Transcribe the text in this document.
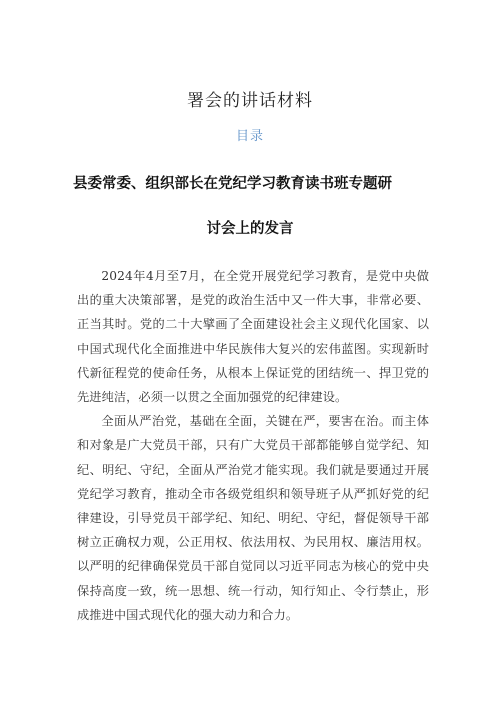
署会的讲话材料
目录
县委常委、组织部长在党纪学习教育读书班专题研
讨会上的发言

2024年4月至7月，在全党开展党纪学习教育，是党中央做出的重大决策部署，是党的政治生活中又一件大事，非常必要、正当其时。党的二十大擘画了全面建设社会主义现代化国家、以中国式现代化全面推进中华民族伟大复兴的宏伟蓝图。实现新时代新征程党的使命任务，从根本上保证党的团结统一、捍卫党的先进纯洁，必须一以贯之全面加强党的纪律建设。

全面从严治党，基础在全面，关键在严，要害在治。而主体和对象是广大党员干部，只有广大党员干部都能够自觉学纪、知纪、明纪、守纪，全面从严治党才能实现。我们就是要通过开展党纪学习教育，推动全市各级党组织和领导班子从严抓好党的纪律建设，引导党员干部学纪、知纪、明纪、守纪，督促领导干部树立正确权力观，公正用权、依法用权、为民用权、廉洁用权。以严明的纪律确保党员干部自觉同以习近平同志为核心的党中央保持高度一致，统一思想、统一行动，知行知止、令行禁止，形成推进中国式现代化的强大动力和合力。
